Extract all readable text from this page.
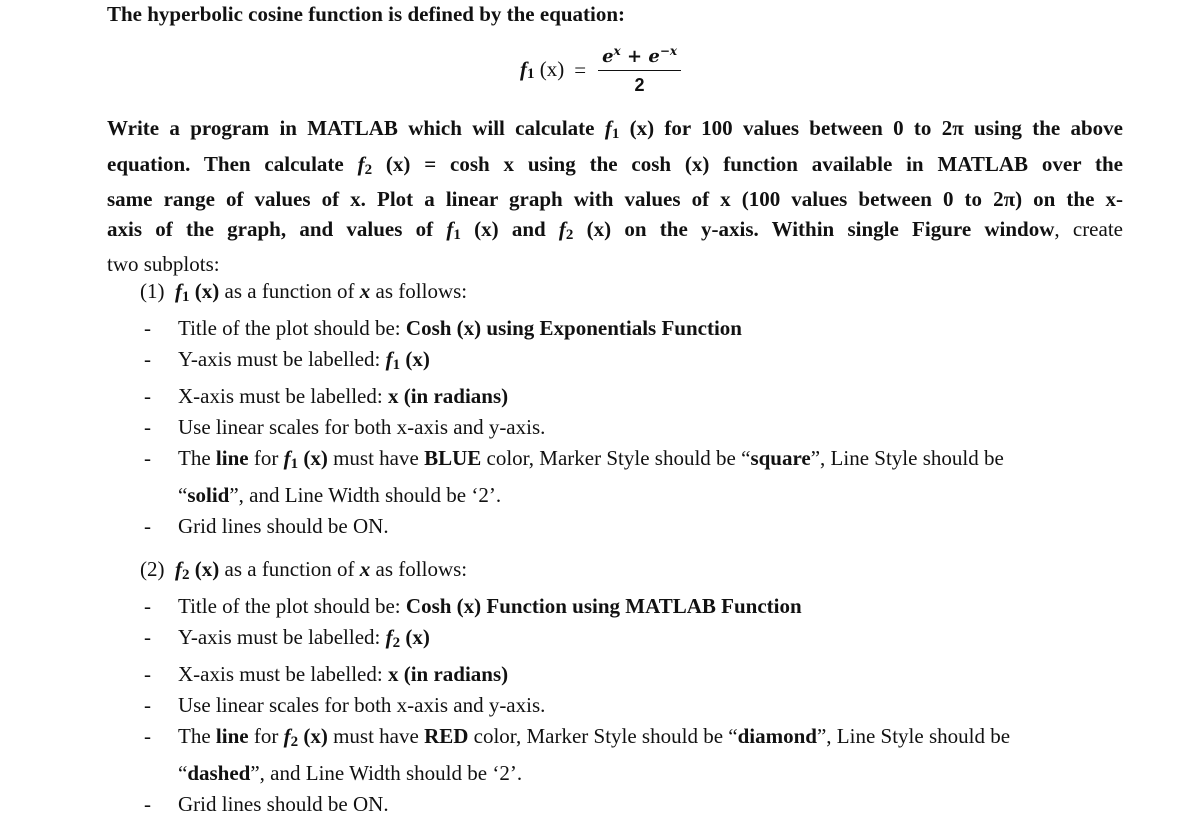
The hyperbolic cosine function is defined by the equation:
f1 $(x) = \frac{e^x + e^{-x}}{2}$
Write a program in MATLAB which will calculate $f_1$ (x) for 100 values between 0 to 2π using the above
equation. Then calculate $f_2$ (x) = cosh x using the cosh (x) function available in MATLAB over the
same range of values of x. Plot a linear graph with values of x (100 values between 0 to 2π) on the x-
axis of the graph, and values of $f_1$ (x) and $f_2$ (x) on the y-axis. Within single Figure window, create
two subplots:
(1) $f_1$ (x) as a function of x as follows:
- Title of the plot should be: Cosh (x) using Exponentials Function
- Y-axis must be labelled: $f_1$ (x)
- X-axis must be labelled: x (in radians)
- Use linear scales for both x-axis and y-axis.
- The line for $f_1$ (x) must have BLUE color, Marker Style should be “square”, Line Style should be
“solid”, and Line Width should be ‘2’.
- Grid lines should be ON.
(2) $f_2$ (x) as a function of x as follows:
- Title of the plot should be: Cosh (x) Function using MATLAB Function
- Y-axis must be labelled: $f_2$ (x)
- X-axis must be labelled: x (in radians)
- Use linear scales for both x-axis and y-axis.
- The line for $f_2$ (x) must have RED color, Marker Style should be “diamond”, Line Style should be
“dashed”, and Line Width should be ‘2’.
- Grid lines should be ON.
